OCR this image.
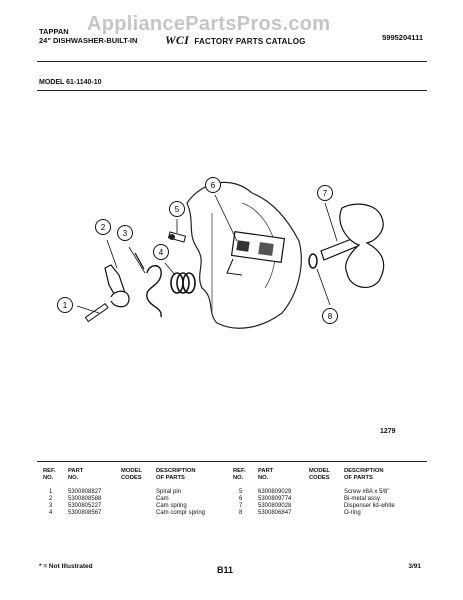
AppliancePartsPros.com
TAPPAN
24" DISHWASHER-BUILT-IN WCI FACTORY PARTS CATALOG	5995204111
MODEL 61-1140-10
1
2
3
4
5
6
7
8
1279
REF.
NO.	PART
NO.	MODEL
CODES	DESCRIPTION
OF PARTS

1	5300808827		Spiral pin
2	5300808588		Cam
3	5300805227		Cam spring
4	5300808567		Cam compr spring
REF.
NO.	PART
NO.	MODEL
CODES	DESCRIPTION
OF PARTS

5	6300809029		Screw #8A x 5/8"
6	5300809774		Bi-metal assy.
7	5300809028		Dispenser lid-white
8	5300806847		O-ring
* = Not Illustrated	B11	3/91
